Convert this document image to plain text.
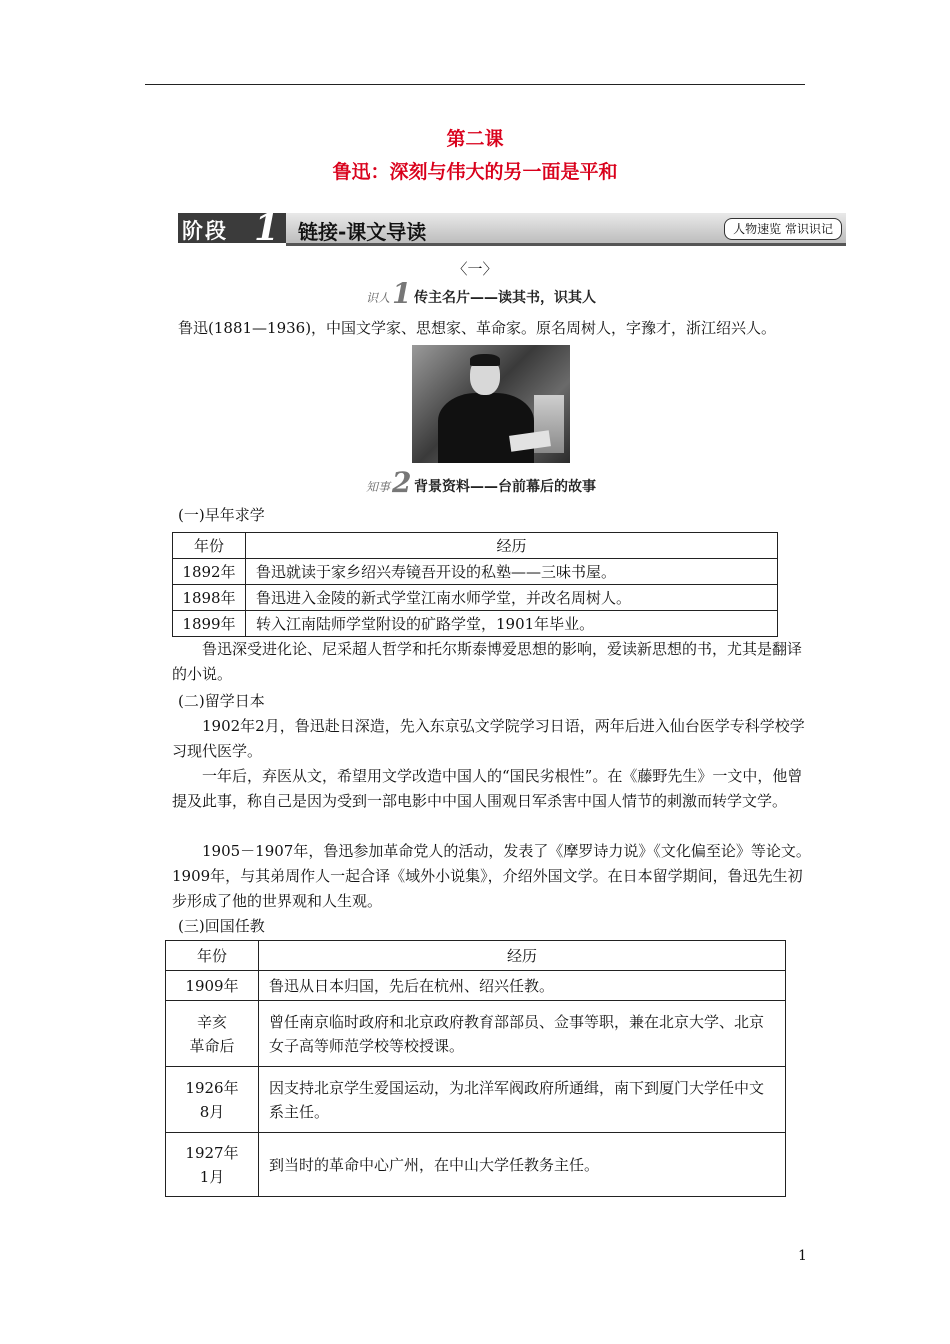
第二课
鲁迅：深刻与伟大的另一面是平和
阶段 1 链接-课文导读	人物速览 常识识记
〈一〉
识人 1 传主名片——读其书，识其人
鲁迅(1881—1936)，中国文学家、思想家、革命家。原名周树人，字豫才，浙江绍兴人。
知事 2 背景资料——台前幕后的故事
(一)早年求学
年份	经历
1892年	鲁迅就读于家乡绍兴寿镜吾开设的私塾——三味书屋。
1898年	鲁迅进入金陵的新式学堂江南水师学堂，并改名周树人。
1899年	转入江南陆师学堂附设的矿路学堂，1901年毕业。
鲁迅深受进化论、尼采超人哲学和托尔斯泰博爱思想的影响，爱读新思想的书，尤其是翻译的小说。
(二)留学日本
1902年2月，鲁迅赴日深造，先入东京弘文学院学习日语，两年后进入仙台医学专科学校学习现代医学。
一年后，弃医从文，希望用文学改造中国人的“国民劣根性”。在《藤野先生》一文中，他曾提及此事，称自己是因为受到一部电影中中国人围观日军杀害中国人情节的刺激而转学文学。
1905－1907年，鲁迅参加革命党人的活动，发表了《摩罗诗力说》《文化偏至论》等论文。1909年，与其弟周作人一起合译《域外小说集》，介绍外国文学。在日本留学期间，鲁迅先生初步形成了他的世界观和人生观。
(三)回国任教
年份	经历
1909年	鲁迅从日本归国，先后在杭州、绍兴任教。
辛亥
革命后	曾任南京临时政府和北京政府教育部部员、佥事等职，兼在北京大学、北京女子高等师范学校等校授课。
1926年
8月	因支持北京学生爱国运动，为北洋军阀政府所通缉，南下到厦门大学任中文系主任。
1927年
1月	到当时的革命中心广州，在中山大学任教务主任。
1
